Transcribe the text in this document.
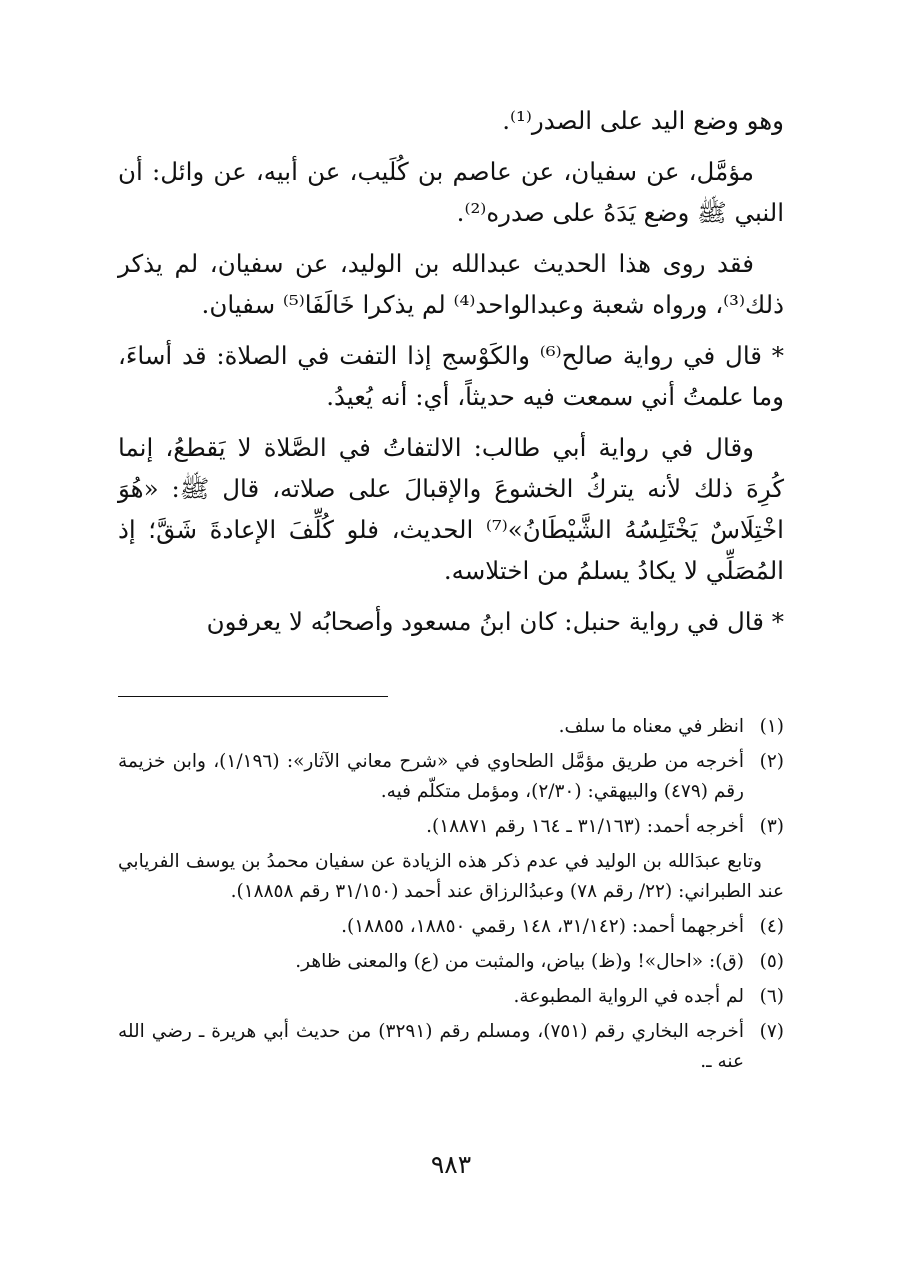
وهو وضع اليد على الصدر⁽¹⁾.

مؤمَّل، عن سفيان، عن عاصم بن كُلَيب، عن أبيه، عن وائل: أن النبي ﷺ وضع يَدَهُ على صدره⁽²⁾.

فقد روى هذا الحديث عبدالله بن الوليد، عن سفيان، لم يذكر ذلك⁽³⁾، ورواه شعبة وعبدالواحد⁽⁴⁾ لم يذكرا خَالَفَا⁽⁵⁾ سفيان.

* قال في رواية صالح⁽⁶⁾ والكَوْسج إذا التفت في الصلاة: قد أساءَ، وما علمتُ أني سمعت فيه حديثاً، أي: أنه يُعيدُ.

وقال في رواية أبي طالب: الالتفاتُ في الصَّلاة لا يَقطعُ، إنما كُرِهَ ذلك لأنه يتركُ الخشوعَ والإقبالَ على صلاته، قال ﷺ: «هُوَ اخْتِلَاسٌ يَخْتَلِسُهُ الشَّيْطَانُ»⁽⁷⁾ الحديث، فلو كُلِّفَ الإعادةَ شَقَّ؛ إذ المُصَلِّي لا يكادُ يسلمُ من اختلاسه.

* قال في رواية حنبل: كان ابنُ مسعود وأصحابُه لا يعرفون

(١)
انظر في معناه ما سلف.
(٢)
أخرجه من طريق مؤمَّل الطحاوي في «شرح معاني الآثار»: (١/١٩٦)، وابن خزيمة رقم (٤٧٩) والبيهقي: (٢/٣٠)، ومؤمل متكلّم فيه.
(٣)
أخرجه أحمد: (٣١/١٦٣ ـ ١٦٤ رقم ١٨٨٧١).
وتابع عبدَالله بن الوليد في عدم ذكر هذه الزيادة عن سفيان محمدُ بن يوسف الفريابي عند الطبراني: (٢٢/ رقم ٧٨) وعبدُالرزاق عند أحمد (٣١/١٥٠ رقم ١٨٨٥٨).
(٤)
أخرجهما أحمد: (٣١/١٤٢، ١٤٨ رقمي ١٨٨٥٠، ١٨٨٥٥).
(٥)
(ق): «احال»! و(ظ) بياض، والمثبت من (ع) والمعنى ظاهر.
(٦)
لم أجده في الرواية المطبوعة.
(٧)
أخرجه البخاري رقم (٧٥١)، ومسلم رقم (٣٢٩١) من حديث أبي هريرة ـ رضي الله عنه ـ.
٩٨٣
